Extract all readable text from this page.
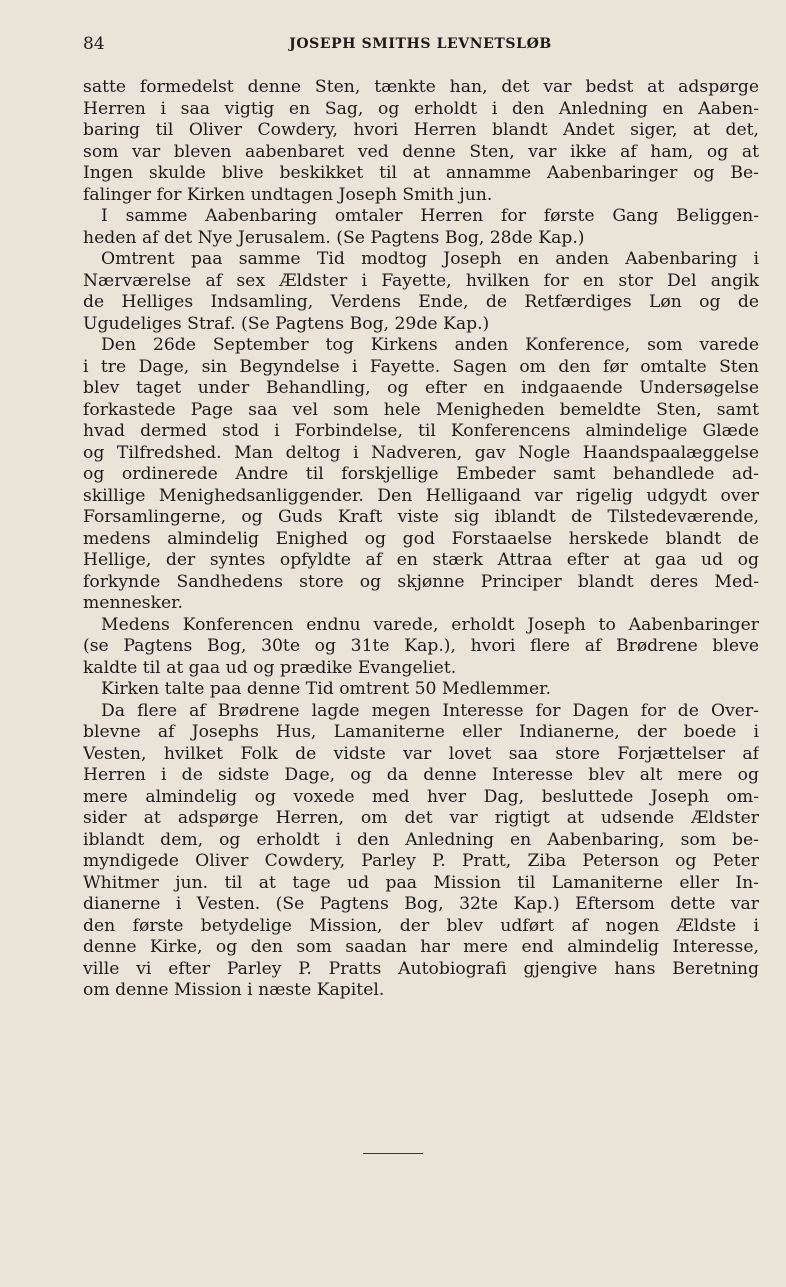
84	JOSEPH SMITHS LEVNETSLØB
satte formedelst denne Sten, tænkte han, det var bedst at adspørge
Herren i saa vigtig en Sag, og erholdt i den Anledning en Aaben-
baring til Oliver Cowdery, hvori Herren blandt Andet siger, at det,
som var bleven aabenbaret ved denne Sten, var ikke af ham, og at
Ingen skulde blive beskikket til at annamme Aabenbaringer og Be-
falinger for Kirken undtagen Joseph Smith jun.
I samme Aabenbaring omtaler Herren for første Gang Beliggen-
heden af det Nye Jerusalem. (Se Pagtens Bog, 28de Kap.)
Omtrent paa samme Tid modtog Joseph en anden Aabenbaring i
Nærværelse af sex Ældster i Fayette, hvilken for en stor Del angik
de Helliges Indsamling, Verdens Ende, de Retfærdiges Løn og de
Ugudeliges Straf. (Se Pagtens Bog, 29de Kap.)
Den 26de September tog Kirkens anden Konference, som varede
i tre Dage, sin Begyndelse i Fayette. Sagen om den før omtalte Sten
blev taget under Behandling, og efter en indgaaende Undersøgelse
forkastede Page saa vel som hele Menigheden bemeldte Sten, samt
hvad dermed stod i Forbindelse, til Konferencens almindelige Glæde
og Tilfredshed. Man deltog i Nadveren, gav Nogle Haandspaalæggelse
og ordinerede Andre til forskjellige Embeder samt behandlede ad-
skillige Menighedsanliggender. Den Helligaand var rigelig udgydt over
Forsamlingerne, og Guds Kraft viste sig iblandt de Tilstedeværende,
medens almindelig Enighed og god Forstaaelse herskede blandt de
Hellige, der syntes opfyldte af en stærk Attraa efter at gaa ud og
forkynde Sandhedens store og skjønne Principer blandt deres Med-
mennesker.
Medens Konferencen endnu varede, erholdt Joseph to Aabenbaringer
(se Pagtens Bog, 30te og 31te Kap.), hvori flere af Brødrene bleve
kaldte til at gaa ud og prædike Evangeliet.
Kirken talte paa denne Tid omtrent 50 Medlemmer.
Da flere af Brødrene lagde megen Interesse for Dagen for de Over-
blevne af Josephs Hus, Lamaniterne eller Indianerne, der boede i
Vesten, hvilket Folk de vidste var lovet saa store Forjættelser af
Herren i de sidste Dage, og da denne Interesse blev alt mere og
mere almindelig og voxede med hver Dag, besluttede Joseph om-
sider at adspørge Herren, om det var rigtigt at udsende Ældster
iblandt dem, og erholdt i den Anledning en Aabenbaring, som be-
myndigede Oliver Cowdery, Parley P. Pratt, Ziba Peterson og Peter
Whitmer jun. til at tage ud paa Mission til Lamaniterne eller In-
dianerne i Vesten. (Se Pagtens Bog, 32te Kap.) Eftersom dette var
den første betydelige Mission, der blev udført af nogen Ældste i
denne Kirke, og den som saadan har mere end almindelig Interesse,
ville vi efter Parley P. Pratts Autobiografi gjengive hans Beretning
om denne Mission i næste Kapitel.
